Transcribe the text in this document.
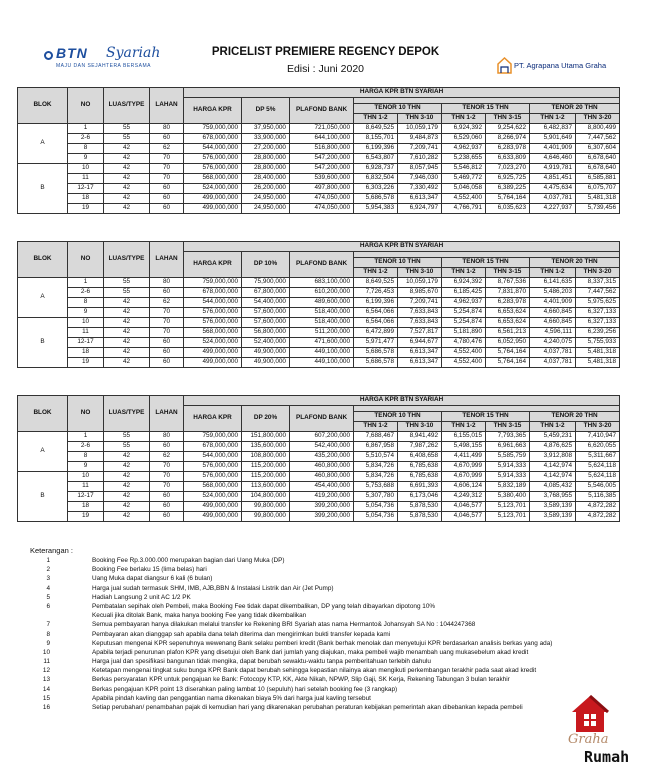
BTN Syariah
MAJU DAN SEJAHTERA BERSAMA
PRICELIST PREMIERE REGENCY DEPOK
Edisi : Juni 2020	PT. Agrapana Utama Graha
BLOK	NO	LUAS/TYPE	LAHAN	HARGA KPR BTN SYARIAH								
				HARGA KPR	DP 5%	PLAFOND BANK						
							TENOR 10 THN		TENOR 15 THN		TENOR 20 THN	
							THN 1-2	THN 3-10	THN 1-2	THN 3-15	THN 1-2	THN 3-20
A	1	55	80	759,000,000	37,950,000	721,050,000	8,649,525	10,059,179	6,924,392	9,254,622	6,482,837	8,800,499
	2-6	55	60	678,000,000	33,900,000	644,100,000	8,155,701	9,484,873	6,529,060	8,266,974	5,901,649	7,447,562
	8	42	62	544,000,000	27,200,000	516,800,000	6,199,396	7,209,741	4,962,937	6,283,978	4,401,909	6,307,604
	9	42	70	576,000,000	28,800,000	547,200,000	6,543,807	7,610,282	5,238,655	6,633,809	4,646,460	6,678,640
B	10	42	70	576,000,000	28,800,000	547,200,000	6,928,737	8,057,945	5,546,812	7,023,270	4,919,781	6,678,640
	11	42	70	568,000,000	28,400,000	539,600,000	6,832,504	7,946,030	5,469,772	6,925,725	4,851,451	6,585,881
	12-17	42	60	524,000,000	26,200,000	497,800,000	6,303,226	7,330,492	5,046,058	6,389,225	4,475,634	6,075,707
	18	42	60	499,000,000	24,950,000	474,050,000	5,686,578	6,613,347	4,552,400	5,764,164	4,037,781	5,481,318
	19	42	60	499,000,000	24,950,000	474,050,000	5,954,383	6,924,797	4,766,791	6,035,623	4,227,937	5,739,456
BLOK	NO	LUAS/TYPE	LAHAN	HARGA KPR BTN SYARIAH								
				HARGA KPR	DP 10%	PLAFOND BANK						
							TENOR 10 THN		TENOR 15 THN		TENOR 20 THN	
							THN 1-2	THN 3-10	THN 1-2	THN 3-15	THN 1-2	THN 3-20
A	1	55	80	759,000,000	75,900,000	683,100,000	8,649,525	10,059,179	6,924,392	8,767,536	6,141,635	8,337,315
	2-6	55	60	678,000,000	67,800,000	610,200,000	7,726,453	8,985,670	6,185,425	7,831,870	5,486,203	7,447,562
	8	42	62	544,000,000	54,400,000	489,600,000	6,199,396	7,209,741	4,962,937	6,283,978	4,401,909	5,975,625
	9	42	70	576,000,000	57,600,000	518,400,000	6,564,066	7,633,843	5,254,874	6,653,624	4,660,845	6,327,133
B	10	42	70	576,000,000	57,600,000	518,400,000	6,564,066	7,633,843	5,254,874	6,653,624	4,660,845	6,327,133
	11	42	70	568,000,000	56,800,000	511,200,000	6,472,899	7,527,817	5,181,890	6,561,213	4,596,111	6,239,256
	12-17	42	60	524,000,000	52,400,000	471,600,000	5,971,477	6,944,677	4,780,476	6,052,950	4,240,075	5,755,933
	18	42	60	499,000,000	49,900,000	449,100,000	5,686,578	6,613,347	4,552,400	5,764,164	4,037,781	5,481,318
	19	42	60	499,000,000	49,900,000	449,100,000	5,686,578	6,613,347	4,552,400	5,764,164	4,037,781	5,481,318
BLOK	NO	LUAS/TYPE	LAHAN	HARGA KPR BTN SYARIAH								
				HARGA KPR	DP 20%	PLAFOND BANK						
							TENOR 10 THN		TENOR 15 THN		TENOR 20 THN	
							THN 1-2	THN 3-10	THN 1-2	THN 3-15	THN 1-2	THN 3-20
A	1	55	80	759,000,000	151,800,000	607,200,000	7,688,467	8,941,492	6,155,015	7,793,365	5,459,231	7,410,947
	2-6	55	60	678,000,000	135,600,000	542,400,000	6,867,958	7,987,262	5,498,155	6,961,663	4,876,625	6,620,055
	8	42	62	544,000,000	108,800,000	435,200,000	5,510,574	6,408,658	4,411,499	5,585,759	3,912,808	5,311,667
	9	42	70	576,000,000	115,200,000	460,800,000	5,834,726	6,785,638	4,670,999	5,914,333	4,142,974	5,624,118
B	10	42	70	576,000,000	115,200,000	460,800,000	5,834,726	6,785,638	4,670,999	5,914,333	4,142,974	5,624,118
	11	42	70	568,000,000	113,600,000	454,400,000	5,753,688	6,691,393	4,606,124	5,832,189	4,085,432	5,546,005
	12-17	42	60	524,000,000	104,800,000	419,200,000	5,307,780	6,173,046	4,249,312	5,380,400	3,768,955	5,116,385
	18	42	60	499,000,000	99,800,000	399,200,000	5,054,736	5,878,530	4,046,577	5,123,701	3,589,139	4,872,282
	19	42	60	499,000,000	99,800,000	399,200,000	5,054,736	5,878,530	4,046,577	5,123,701	3,589,139	4,872,282
Keterangan :
1	Booking Fee Rp.3.000.000 merupakan bagian dari Uang Muka (DP)
2	Booking Fee berlaku 15 (lima belas) hari
3	Uang Muka dapat diangsur 6 kali (6 bulan)
4	Harga jual sudah termasuk SHM, IMB, AJB,BBN & Instalasi Listrik dan Air (Jet Pump)
5	Hadiah Langsung 2 unit AC 1/2 PK
6	Pembatalan sepihak oleh Pembeli, maka Booking Fee tidak dapat dikembalikan, DP yang telah dibayarkan dipotong 10%
Kecuali jika ditolak Bank, maka hanya booking Fee yang tidak dikembalikan
7	Semua pembayaran hanya dilakukan melalui transfer ke Rekening BRI Syariah atas nama Hermanto& Johansyah SA No : 1044247368
8	Pembayaran akan dianggap sah apabila dana telah diterima dan mengirimkan bukti transfer kepada kami
9	Keputusan mengenai KPR sepenuhnya wewenang Bank selaku pemberi kredit (Bank berhak menolak dan menyetujui KPR berdasarkan analisis berkas yang ada)
10	Apabila terjadi penurunan plafon KPR yang disetujui oleh Bank dari jumlah yang diajukan, maka pembeli wajib menambah uang mukasebelum akad kredit
11	Harga jual dan spesifikasi bangunan tidak mengika, dapat berubah sewaktu-waktu tanpa pemberitahuan terlebih dahulu
12	Ketetapan mengenai tingkat suku bunga KPR Bank dapat berubah sehingga kepastian nilainya akan mengikuti perkembangan terakhir pada saat akad kredit
13	Berkas persyaratan KPR untuk pengajuan ke Bank: Fotocopy KTP, KK, Akte Nikah, NPWP, Slip Gaji, SK Kerja, Rekening Tabungan 3 bulan terakhir
14	Berkas pengajuan KPR point 13 diserahkan paling lambat 10 (sepuluh) hari setelah booking fee (3 rangkap)
15	Apabila pindah kavling dan penggantian nama dikenakan biaya 5% dari harga jual kavling tersebut
16	Setiap perubahan/ penambahan pajak di kemudian hari yang dikarenakan perubahan peraturan kebijakan pemerintah akan dibebankan kepada pembeli
Graha
Rumah
